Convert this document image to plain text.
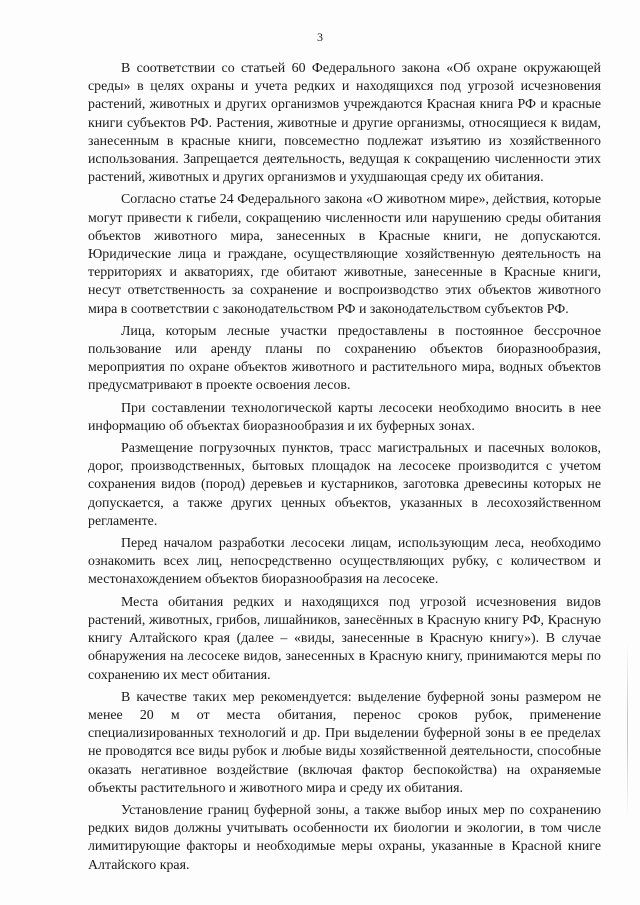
3

В соответствии со статьей 60 Федерального закона «Об охране окружающей среды» в целях охраны и учета редких и находящихся под угрозой исчезновения растений, животных и других организмов учреждаются Красная книга РФ и красные книги субъектов РФ. Растения, животные и другие организмы, относящиеся к видам, занесенным в красные книги, повсеместно подлежат изъятию из хозяйственного использования. Запрещается деятельность, ведущая к сокращению численности этих растений, животных и других организмов и ухудшающая среду их обитания.

Согласно статье 24 Федерального закона «О животном мире», действия, которые могут привести к гибели, сокращению численности или нарушению среды обитания объектов животного мира, занесенных в Красные книги, не допускаются. Юридические лица и граждане, осуществляющие хозяйственную деятельность на территориях и акваториях, где обитают животные, занесенные в Красные книги, несут ответственность за сохранение и воспроизводство этих объектов животного мира в соответствии с законодательством РФ и законодательством субъектов РФ.

Лица, которым лесные участки предоставлены в постоянное бессрочное пользование или аренду планы по сохранению объектов биоразнообразия, мероприятия по охране объектов животного и растительного мира, водных объектов предусматривают в проекте освоения лесов.

При составлении технологической карты лесосеки необходимо вносить в нее информацию об объектах биоразнообразия и их буферных зонах.

Размещение погрузочных пунктов, трасс магистральных и пасечных волоков, дорог, производственных, бытовых площадок на лесосеке производится с учетом сохранения видов (пород) деревьев и кустарников, заготовка древесины которых не допускается, а также других ценных объектов, указанных в лесохозяйственном регламенте.

Перед началом разработки лесосеки лицам, использующим леса, необходимо ознакомить всех лиц, непосредственно осуществляющих рубку, с количеством и местонахождением объектов биоразнообразия на лесосеке.

Места обитания редких и находящихся под угрозой исчезновения видов растений, животных, грибов, лишайников, занесённых в Красную книгу РФ, Красную книгу Алтайского края (далее – «виды, занесенные в Красную книгу»). В случае обнаружения на лесосеке видов, занесенных в Красную книгу, принимаются меры по сохранению их мест обитания.

В качестве таких мер рекомендуется: выделение буферной зоны размером не менее 20 м от места обитания, перенос сроков рубок, применение специализированных технологий и др. При выделении буферной зоны в ее пределах не проводятся все виды рубок и любые виды хозяйственной деятельности, способные оказать негативное воздействие (включая фактор беспокойства) на охраняемые объекты растительного и животного мира и среду их обитания.

Установление границ буферной зоны, а также выбор иных мер по сохранению редких видов должны учитывать особенности их биологии и экологии, в том числе лимитирующие факторы и необходимые меры охраны, указанные в Красной книге Алтайского края.
